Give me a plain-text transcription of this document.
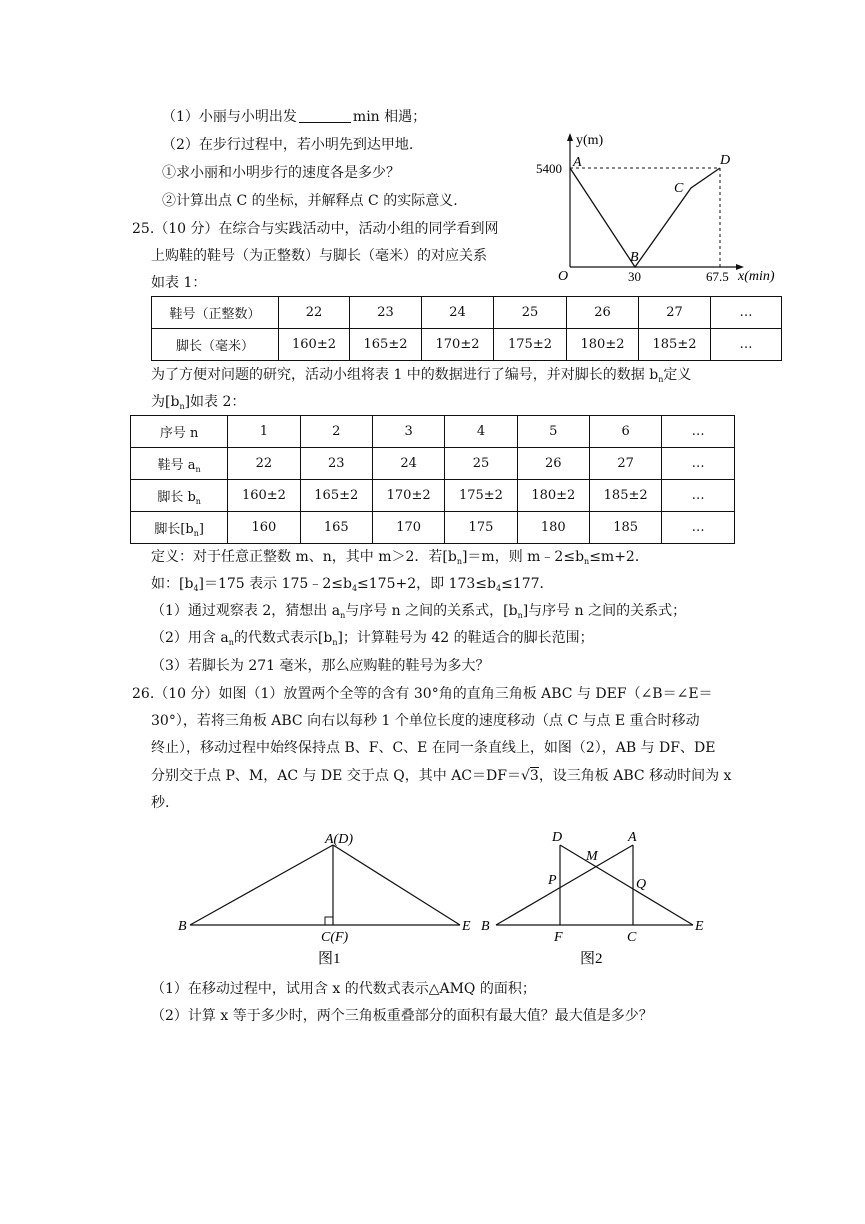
（1）小丽与小明出发	min 相遇；
（2）在步行过程中，若小明先到达甲地.
①求小丽和小明步行的速度各是多少？
②计算出点 C 的坐标，并解释点 C 的实际意义.
y(m)
x(min)
O
5400
30	67.5
A
B
C
D
25.（10 分）在综合与实践活动中，活动小组的同学看到网
上购鞋的鞋号（为正整数）与脚长（毫米）的对应关系
如表 1：
鞋号（正整数）	22	23	24	25	26	27	…
脚长（毫米）	160±2	165±2	170±2	175±2	180±2	185±2	…
为了方便对问题的研究，活动小组将表 1 中的数据进行了编号，并对脚长的数据 $b_n$定义
为$[b_n]$如表 2：
序号 n	1	2	3	4	5	6	…
鞋号 $a_n$	22	23	24	25	26	27	…
脚长 $b_n$	160±2	165±2	170±2	175±2	180±2	185±2	…
脚长$[b_n]$	160	165	170	175	180	185	…
定义：对于任意正整数 m、n，其中 m＞2．若$[b_n]=m$，则 $m﹣2\le b_n\le m+2$．
如：$[b_4]=175$ 表示 $175﹣2\le b_4\le 175+2$，即 $173\le b_4\le 177$．
（1）通过观察表 2，猜想出 $a_n$与序号 n 之间的关系式，$[b_n]$与序号 n 之间的关系式；
（2）用含 $a_n$的代数式表示$[b_n]$；计算鞋号为 42 的鞋适合的脚长范围；
（3）若脚长为 271 毫米，那么应购鞋的鞋号为多大？
26.（10 分）如图（1）放置两个全等的含有 30°角的直角三角板 ABC 与 DEF（∠B＝∠E＝
30°），若将三角板 ABC 向右以每秒 1 个单位长度的速度移动（点 C 与点 E 重合时移动
终止），移动过程中始终保持点 B、F、C、E 在同一条直线上，如图（2），AB 与 DF、DE
分别交于点 P、M，AC 与 DE 交于点 Q，其中 AC＝DF＝√3，设三角板 ABC 移动时间为 x
秒.
A(D)
B
C(F)
E
图1
D	A
M
P	Q
B
F	C
E
图2
（1）在移动过程中，试用含 x 的代数式表示△AMQ 的面积；
（2）计算 x 等于多少时，两个三角板重叠部分的面积有最大值？最大值是多少？
